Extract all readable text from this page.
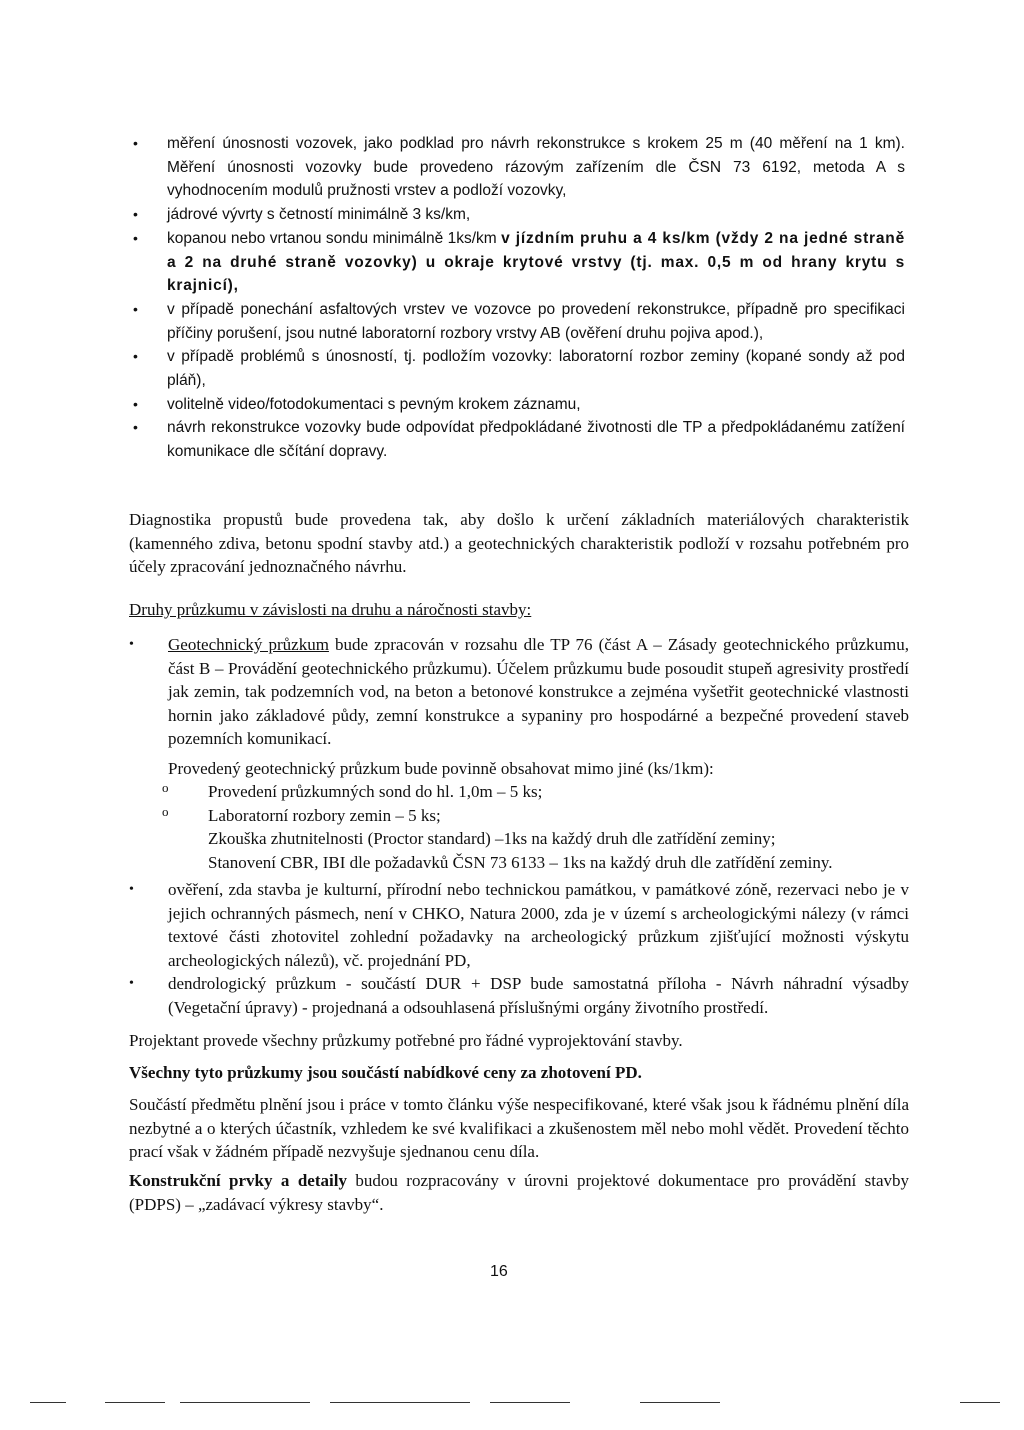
• měření únosnosti vozovek, jako podklad pro návrh rekonstrukce s krokem 25 m (40 měření na 1 km). Měření únosnosti vozovky bude provedeno rázovým zařízením dle ČSN 73 6192, metoda A s vyhodnocením modulů pružnosti vrstev a podloží vozovky,
• jádrové vývrty s četností minimálně 3 ks/km,
• kopanou nebo vrtanou sondu minimálně 1ks/km v jízdním pruhu a 4 ks/km (vždy 2 na jedné straně a 2 na druhé straně vozovky) u okraje krytové vrstvy (tj. max. 0,5 m od hrany krytu s krajnicí),
• v případě ponechání asfaltových vrstev ve vozovce po provedení rekonstrukce, případně pro specifikaci příčiny porušení, jsou nutné laboratorní rozbory vrstvy AB (ověření druhu pojiva apod.),
• v případě problémů s únosností, tj. podložím vozovky: laboratorní rozbor zeminy (kopané sondy až pod pláň),
• volitelně video/fotodokumentaci s pevným krokem záznamu,
• návrh rekonstrukce vozovky bude odpovídat předpokládané životnosti dle TP a předpokládanému zatížení komunikace dle sčítání dopravy.
Diagnostika propustů bude provedena tak, aby došlo k určení základních materiálových charakteristik (kamenného zdiva, betonu spodní stavby atd.) a geotechnických charakteristik podloží v rozsahu potřebném pro účely zpracování jednoznačného návrhu.
Druhy průzkumu v závislosti na druhu a náročnosti stavby:
• Geotechnický průzkum bude zpracován v rozsahu dle TP 76 (část A – Zásady geotechnického průzkumu, část B – Provádění geotechnického průzkumu). Účelem průzkumu bude posoudit stupeň agresivity prostředí jak zemin, tak podzemních vod, na beton a betonové konstrukce a zejména vyšetřit geotechnické vlastnosti hornin jako základové půdy, zemní konstrukce a sypaniny pro hospodárné a bezpečné provedení staveb pozemních komunikací.
Provedený geotechnický průzkum bude povinně obsahovat mimo jiné (ks/1km):
o Provedení průzkumných sond do hl. 1,0m – 5 ks;
o Laboratorní rozbory zemin – 5 ks;
Zkouška zhutnitelnosti (Proctor standard) –1ks na každý druh dle zatřídění zeminy;
Stanovení CBR, IBI dle požadavků ČSN 73 6133 – 1ks na každý druh dle zatřídění zeminy.
• ověření, zda stavba je kulturní, přírodní nebo technickou památkou, v památkové zóně, rezervaci nebo je v jejich ochranných pásmech, není v CHKO, Natura 2000, zda je v území s archeologickými nálezy (v rámci textové části zhotovitel zohlední požadavky na archeologický průzkum zjišťující možnosti výskytu archeologických nálezů), vč. projednání PD,
• dendrologický průzkum - součástí DUR + DSP bude samostatná příloha - Návrh náhradní výsadby (Vegetační úpravy) - projednaná a odsouhlasená příslušnými orgány životního prostředí.
Projektant provede všechny průzkumy potřebné pro řádné vyprojektování stavby.
Všechny tyto průzkumy jsou součástí nabídkové ceny za zhotovení PD.
Součástí předmětu plnění jsou i práce v tomto článku výše nespecifikované, které však jsou k řádnému plnění díla nezbytné a o kterých účastník, vzhledem ke své kvalifikaci a zkušenostem měl nebo mohl vědět. Provedení těchto prací však v žádném případě nezvyšuje sjednanou cenu díla.
Konstrukční prvky a detaily budou rozpracovány v úrovni projektové dokumentace pro provádění stavby (PDPS) – „zadávací výkresy stavby“.
16
